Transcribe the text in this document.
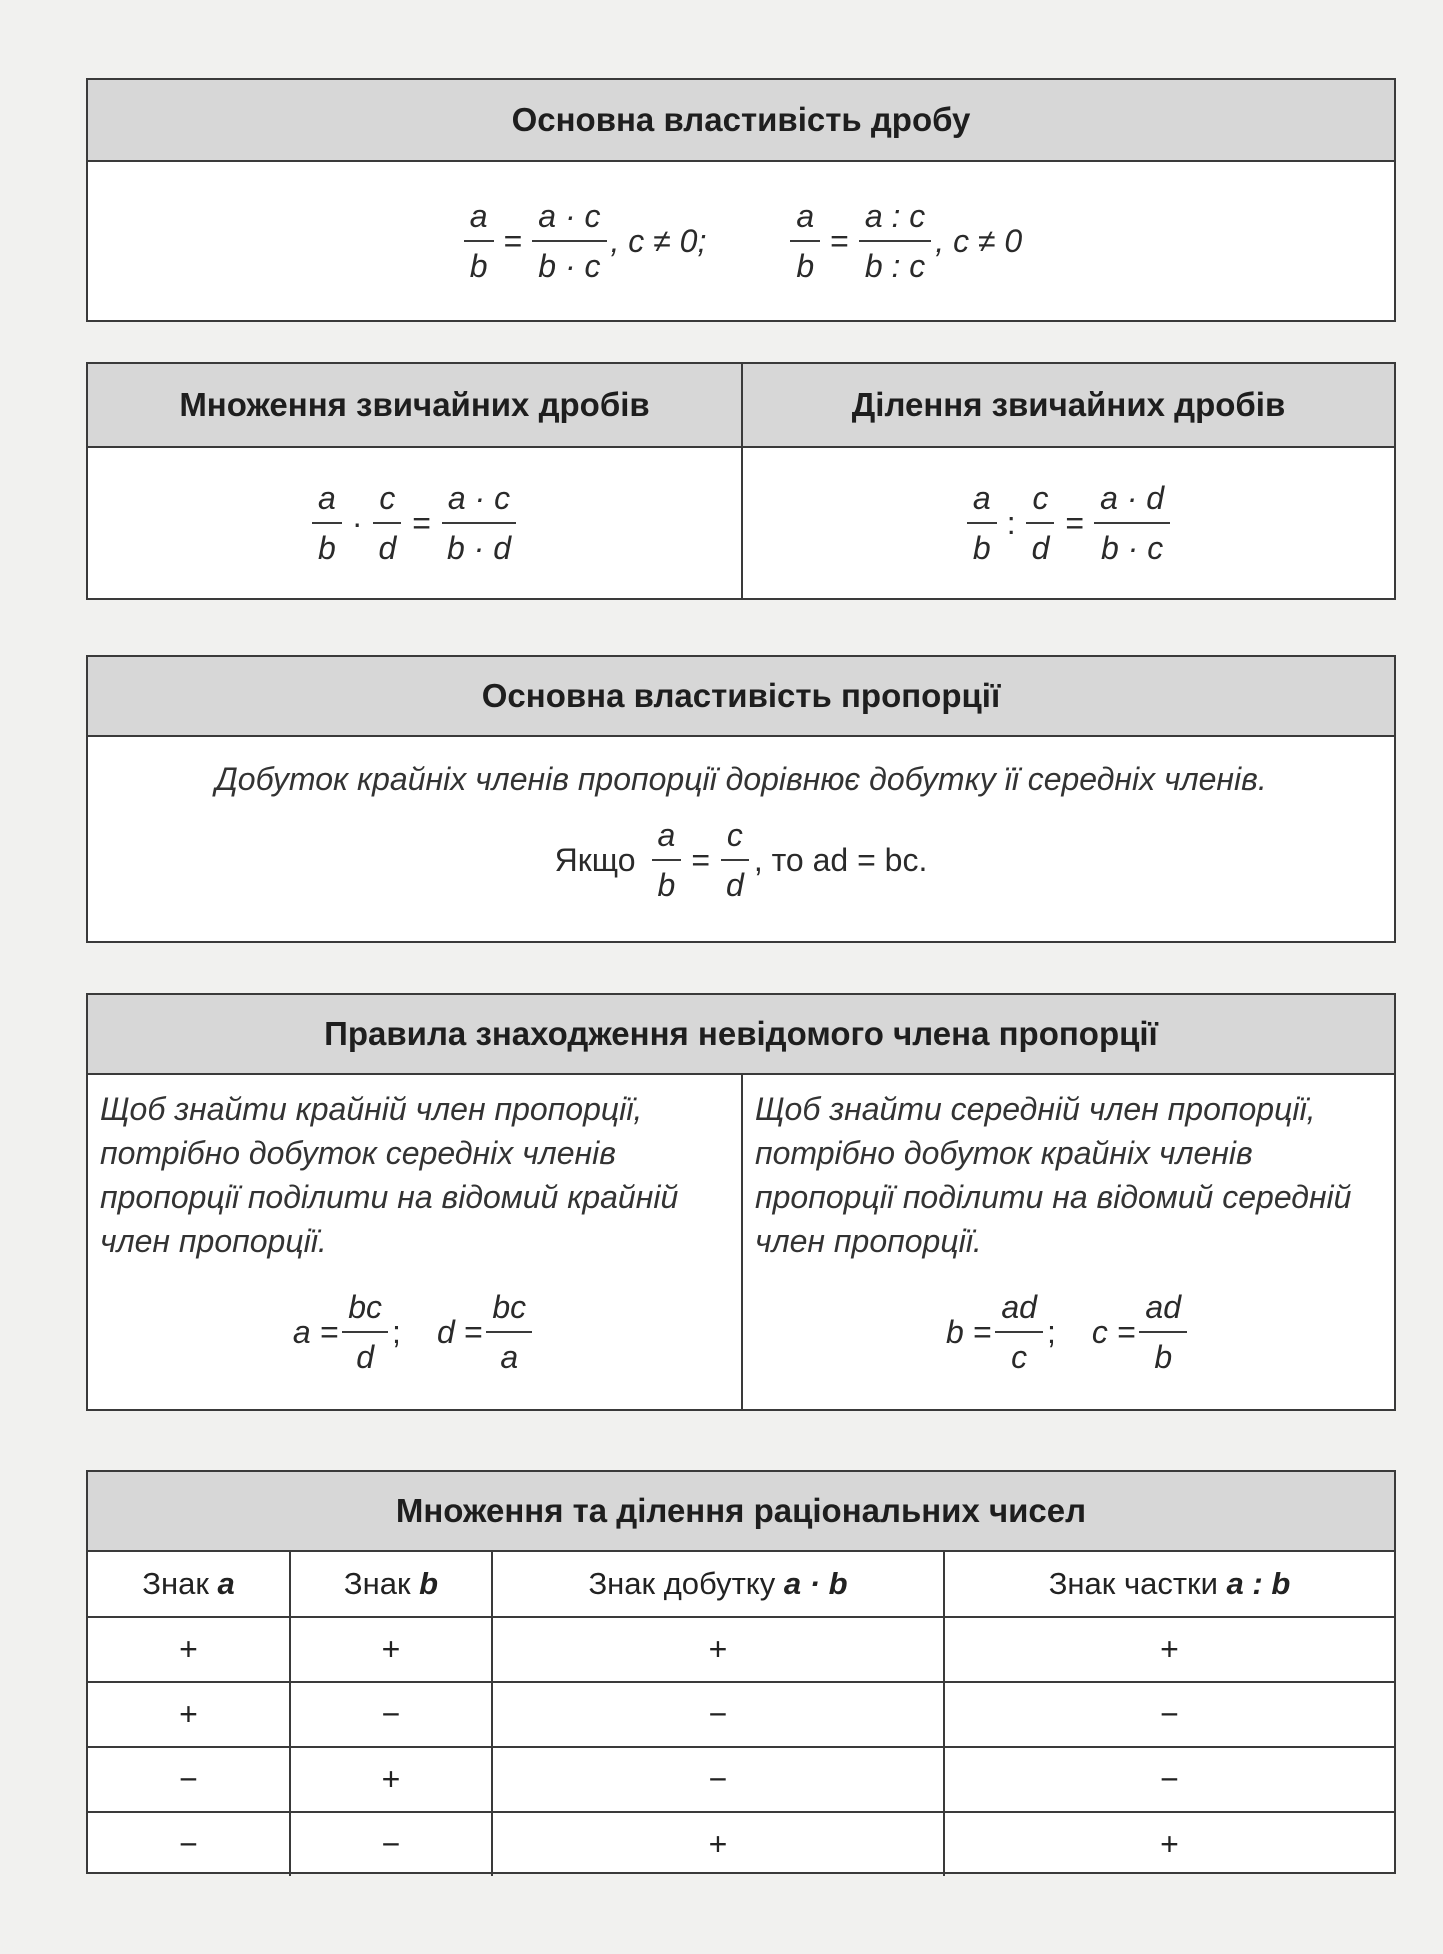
Основна властивість дробу
$\frac{a}{b} = \frac{a \cdot c}{b \cdot c}$ , c ≠ 0;	$\frac{a}{b} = \frac{a : c}{b : c}$ , c ≠ 0
Множення звичайних дробів	Ділення звичайних дробів
$\frac{a}{b} \cdot \frac{c}{d} = \frac{a \cdot c}{b \cdot d}$	$\frac{a}{b}$ : $\frac{c}{d} = \frac{a \cdot d}{b \cdot c}$
Основна властивість пропорції
Добуток крайніх членів пропорції дорівнює добутку її середніх членів.
Якщо $\frac{a}{b} = \frac{c}{d}$ , то ad = bc.
Правила знаходження невідомого члена пропорції
Щоб знайти крайній член пропорції, потрібно добуток середніх членів пропорції поділити на відомий крайній член пропорції.
$a = \frac{bc}{d}$ ; $d = \frac{bc}{a}$
Щоб знайти середній член пропорції, потрібно добуток крайніх членів пропорції поділити на відомий середній член пропорції.
$b = \frac{ad}{c}$ ; $c = \frac{ad}{b}$
Множення та ділення раціональних чисел
Знак a	Знак b	Знак добутку a · b	Знак частки a : b
+	+	+	+
+	−	−	−
−	+	−	−
−	−	+	+
